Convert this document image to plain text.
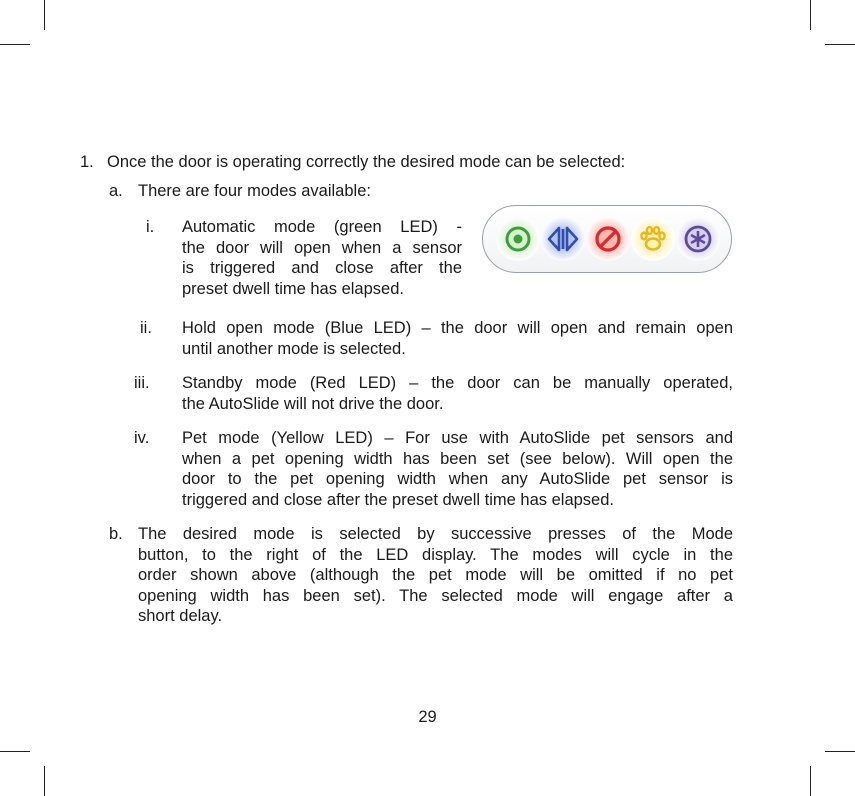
1. Once the door is operating correctly the desired mode can be selected:
a. There are four modes available:
i. Automatic mode (green LED) -
the door will open when a sensor
is triggered and close after the
preset dwell time has elapsed.
ii. Hold open mode (Blue LED) – the door will open and remain open
until another mode is selected.
iii. Standby mode (Red LED) – the door can be manually operated,
the AutoSlide will not drive the door.
iv. Pet mode (Yellow LED) – For use with AutoSlide pet sensors and
when a pet opening width has been set (see below). Will open the
door to the pet opening width when any AutoSlide pet sensor is
triggered and close after the preset dwell time has elapsed.
b. The desired mode is selected by successive presses of the Mode
button, to the right of the LED display. The modes will cycle in the
order shown above (although the pet mode will be omitted if no pet
opening width has been set). The selected mode will engage after a
short delay.
29
